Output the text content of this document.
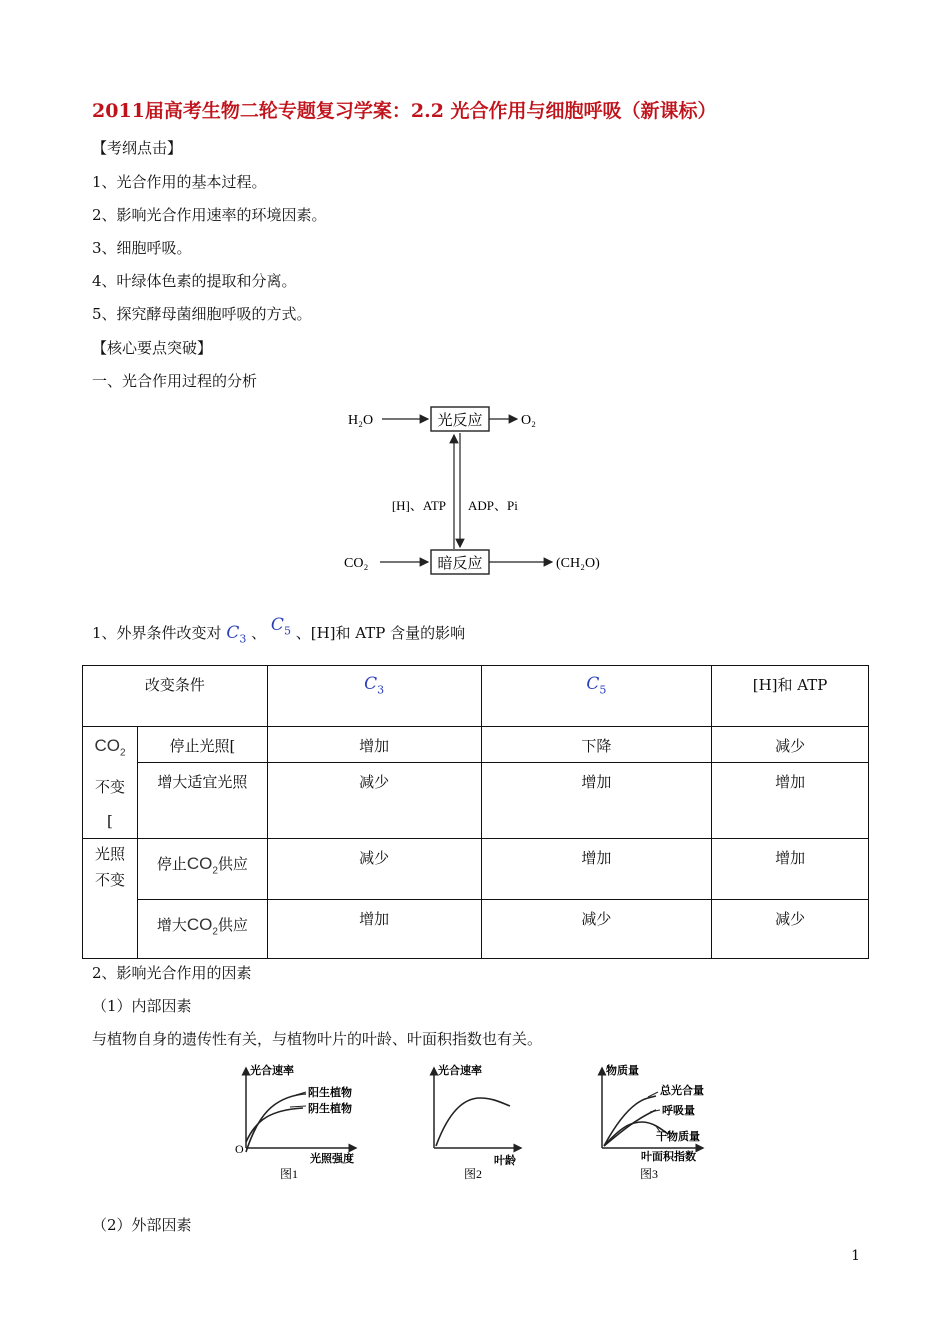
2011届高考生物二轮专题复习学案：2.2 光合作用与细胞呼吸（新课标）
【考纲点击】
1、光合作用的基本过程。
2、影响光合作用速率的环境因素。
3、细胞呼吸。
4、叶绿体色素的提取和分离。
5、探究酵母菌细胞呼吸的方式。
【核心要点突破】
一、光合作用过程的分析
H₂O	光反应	O₂
[H]、ATP ADP、Pi
CO₂	暗反应	(CH₂O)
1、外界条件改变对 $C_3$ 、 $C_5$ 、[H]和 ATP 含量的影响
改变条件		$C_3$	$C_5$	[H]和 ATP
$CO_2$
不变
[	停止光照[	增加	下降	减少
	增大适宜光照	减少	增加	增加
光照
不变	停止$CO_2$供应	减少	增加	增加
	增大$CO_2$供应	增加	减少	减少
2、影响光合作用的因素
（1）内部因素
与植物自身的遗传性有关，与植物叶片的叶龄、叶面积指数也有关。
光合速率
光照强度
O
阳生植物
阴生植物
图1
光合速率
叶龄
图2
物质量
叶面积指数
总光合量
呼吸量
干物质量
图3
（2）外部因素
1
